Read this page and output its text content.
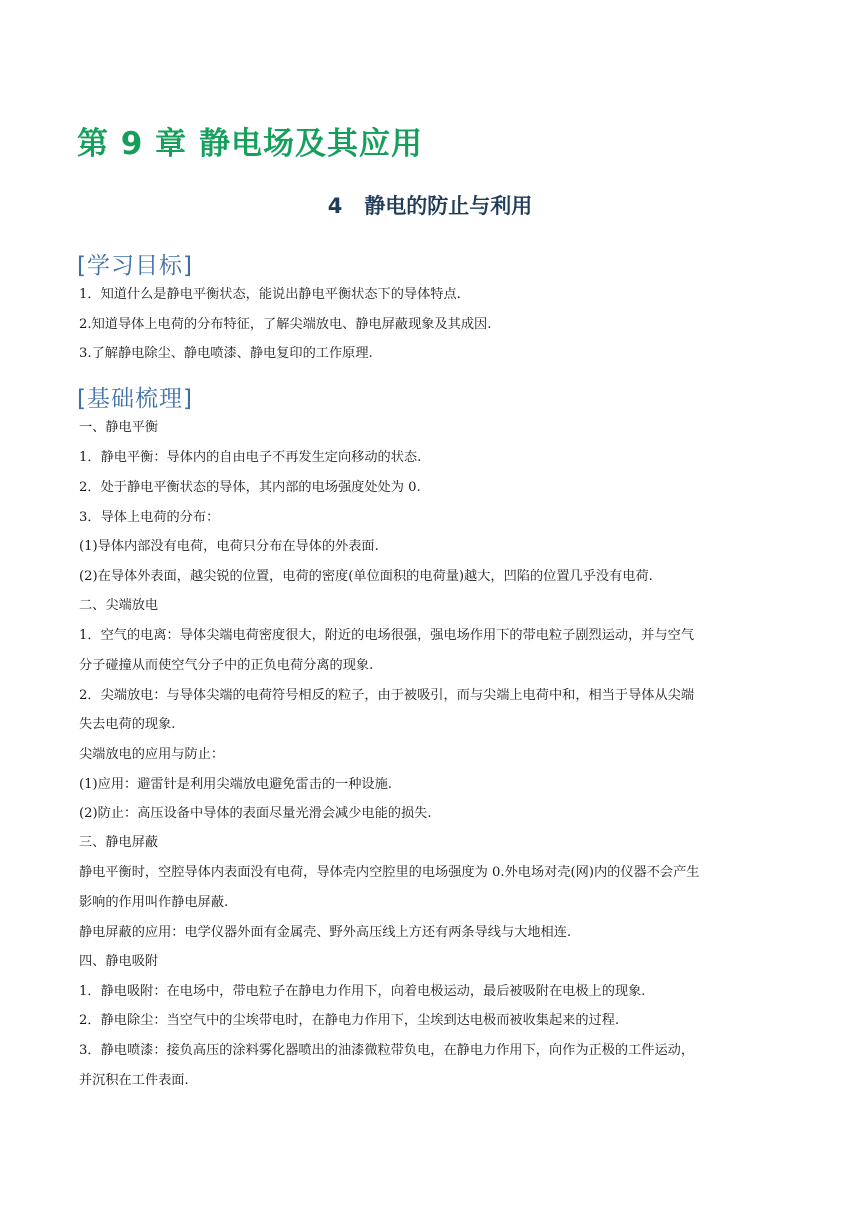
第 9 章 静电场及其应用
4 静电的防止与利用
[学习目标]
1．知道什么是静电平衡状态，能说出静电平衡状态下的导体特点.
2.知道导体上电荷的分布特征，了解尖端放电、静电屏蔽现象及其成因.
3.了解静电除尘、静电喷漆、静电复印的工作原理.
[基础梳理]
一、静电平衡
1．静电平衡：导体内的自由电子不再发生定向移动的状态.
2．处于静电平衡状态的导体，其内部的电场强度处处为 0.
3．导体上电荷的分布：
(1)导体内部没有电荷，电荷只分布在导体的外表面.
(2)在导体外表面，越尖锐的位置，电荷的密度(单位面积的电荷量)越大，凹陷的位置几乎没有电荷.
二、尖端放电
1．空气的电离：导体尖端电荷密度很大，附近的电场很强，强电场作用下的带电粒子剧烈运动，并与空气
分子碰撞从而使空气分子中的正负电荷分离的现象.
2．尖端放电：与导体尖端的电荷符号相反的粒子，由于被吸引，而与尖端上电荷中和，相当于导体从尖端
失去电荷的现象.
尖端放电的应用与防止：
(1)应用：避雷针是利用尖端放电避免雷击的一种设施.
(2)防止：高压设备中导体的表面尽量光滑会减少电能的损失.
三、静电屏蔽
静电平衡时，空腔导体内表面没有电荷，导体壳内空腔里的电场强度为 0.外电场对壳(网)内的仪器不会产生
影响的作用叫作静电屏蔽.
静电屏蔽的应用：电学仪器外面有金属壳、野外高压线上方还有两条导线与大地相连.
四、静电吸附
1．静电吸附：在电场中，带电粒子在静电力作用下，向着电极运动，最后被吸附在电极上的现象.
2．静电除尘：当空气中的尘埃带电时，在静电力作用下，尘埃到达电极而被收集起来的过程.
3．静电喷漆：接负高压的涂料雾化器喷出的油漆微粒带负电，在静电力作用下，向作为正极的工件运动，
并沉积在工件表面.
